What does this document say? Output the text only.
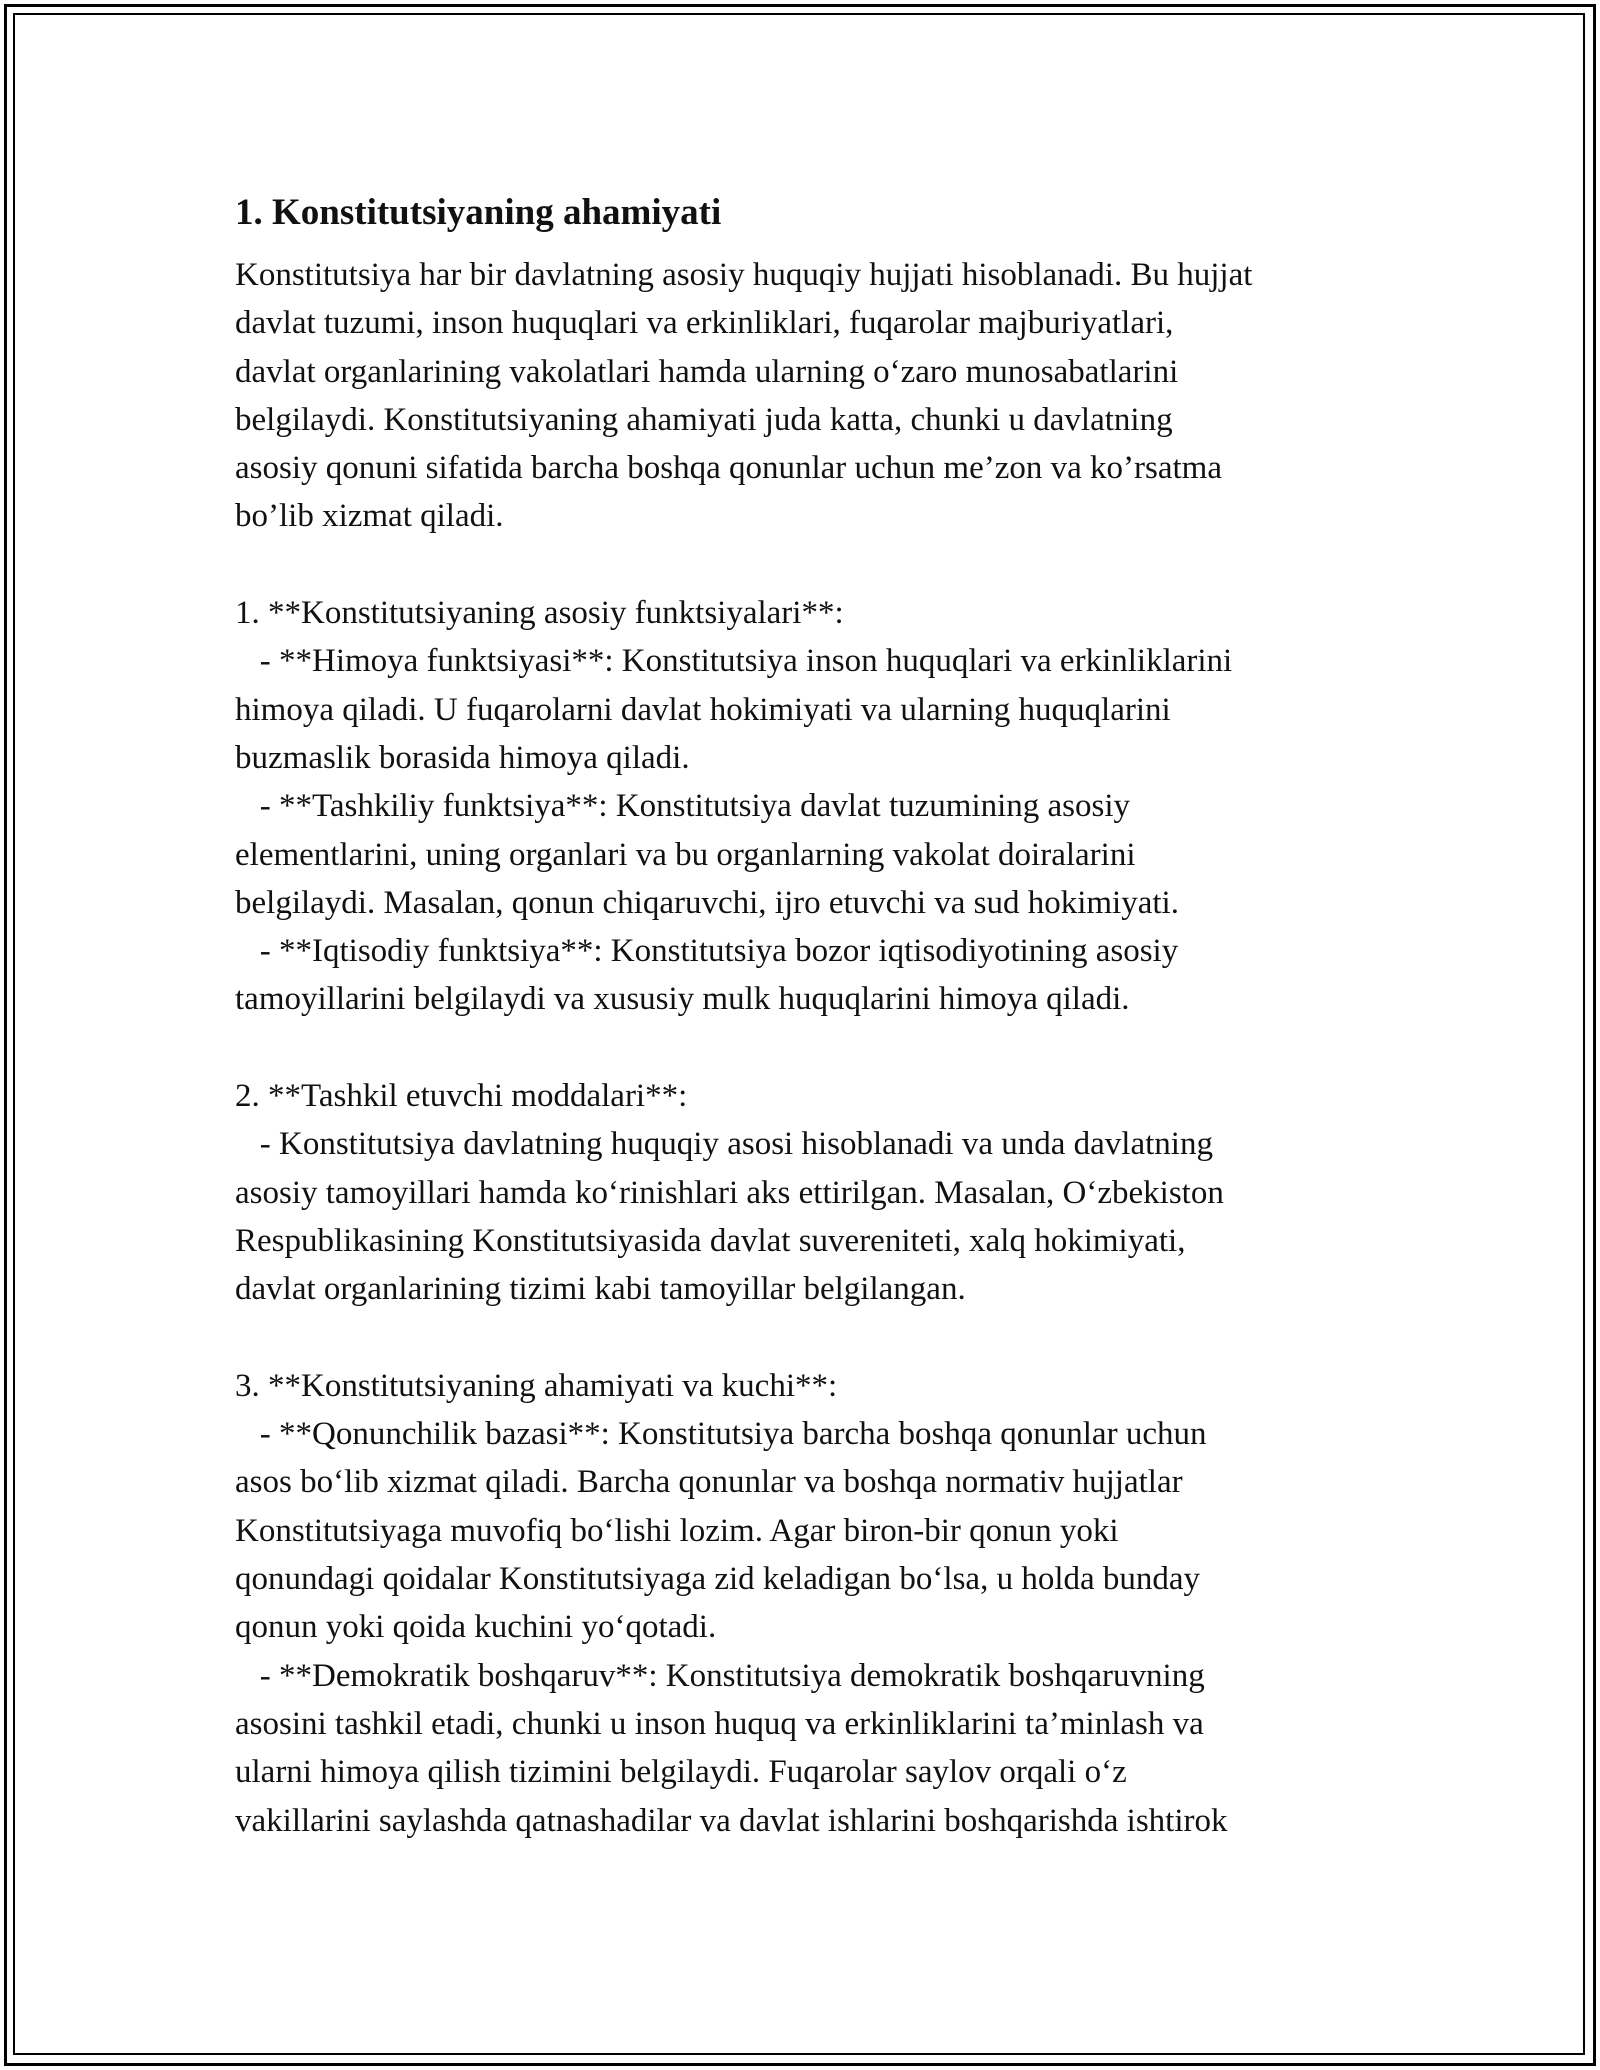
1. Konstitutsiyaning ahamiyati
Konstitutsiya har bir davlatning asosiy huquqiy hujjati hisoblanadi. Bu hujjat
davlat tuzumi, inson huquqlari va erkinliklari, fuqarolar majburiyatlari,
davlat organlarining vakolatlari hamda ularning o‘zaro munosabatlarini
belgilaydi. Konstitutsiyaning ahamiyati juda katta, chunki u davlatning
asosiy qonuni sifatida barcha boshqa qonunlar uchun me’zon va ko’rsatma
bo’lib xizmat qiladi.
1. **Konstitutsiyaning asosiy funktsiyalari**:
- **Himoya funktsiyasi**: Konstitutsiya inson huquqlari va erkinliklarini
himoya qiladi. U fuqarolarni davlat hokimiyati va ularning huquqlarini
buzmaslik borasida himoya qiladi.
- **Tashkiliy funktsiya**: Konstitutsiya davlat tuzumining asosiy
elementlarini, uning organlari va bu organlarning vakolat doiralarini
belgilaydi. Masalan, qonun chiqaruvchi, ijro etuvchi va sud hokimiyati.
- **Iqtisodiy funktsiya**: Konstitutsiya bozor iqtisodiyotining asosiy
tamoyillarini belgilaydi va xususiy mulk huquqlarini himoya qiladi.
2. **Tashkil etuvchi moddalari**:
- Konstitutsiya davlatning huquqiy asosi hisoblanadi va unda davlatning
asosiy tamoyillari hamda ko‘rinishlari aks ettirilgan. Masalan, O‘zbekiston
Respublikasining Konstitutsiyasida davlat suvereniteti, xalq hokimiyati,
davlat organlarining tizimi kabi tamoyillar belgilangan.
3. **Konstitutsiyaning ahamiyati va kuchi**:
- **Qonunchilik bazasi**: Konstitutsiya barcha boshqa qonunlar uchun
asos bo‘lib xizmat qiladi. Barcha qonunlar va boshqa normativ hujjatlar
Konstitutsiyaga muvofiq bo‘lishi lozim. Agar biron-bir qonun yoki
qonundagi qoidalar Konstitutsiyaga zid keladigan bo‘lsa, u holda bunday
qonun yoki qoida kuchini yo‘qotadi.
- **Demokratik boshqaruv**: Konstitutsiya demokratik boshqaruvning
asosini tashkil etadi, chunki u inson huquq va erkinliklarini ta’minlash va
ularni himoya qilish tizimini belgilaydi. Fuqarolar saylov orqali o‘z
vakillarini saylashda qatnashadilar va davlat ishlarini boshqarishda ishtirok
